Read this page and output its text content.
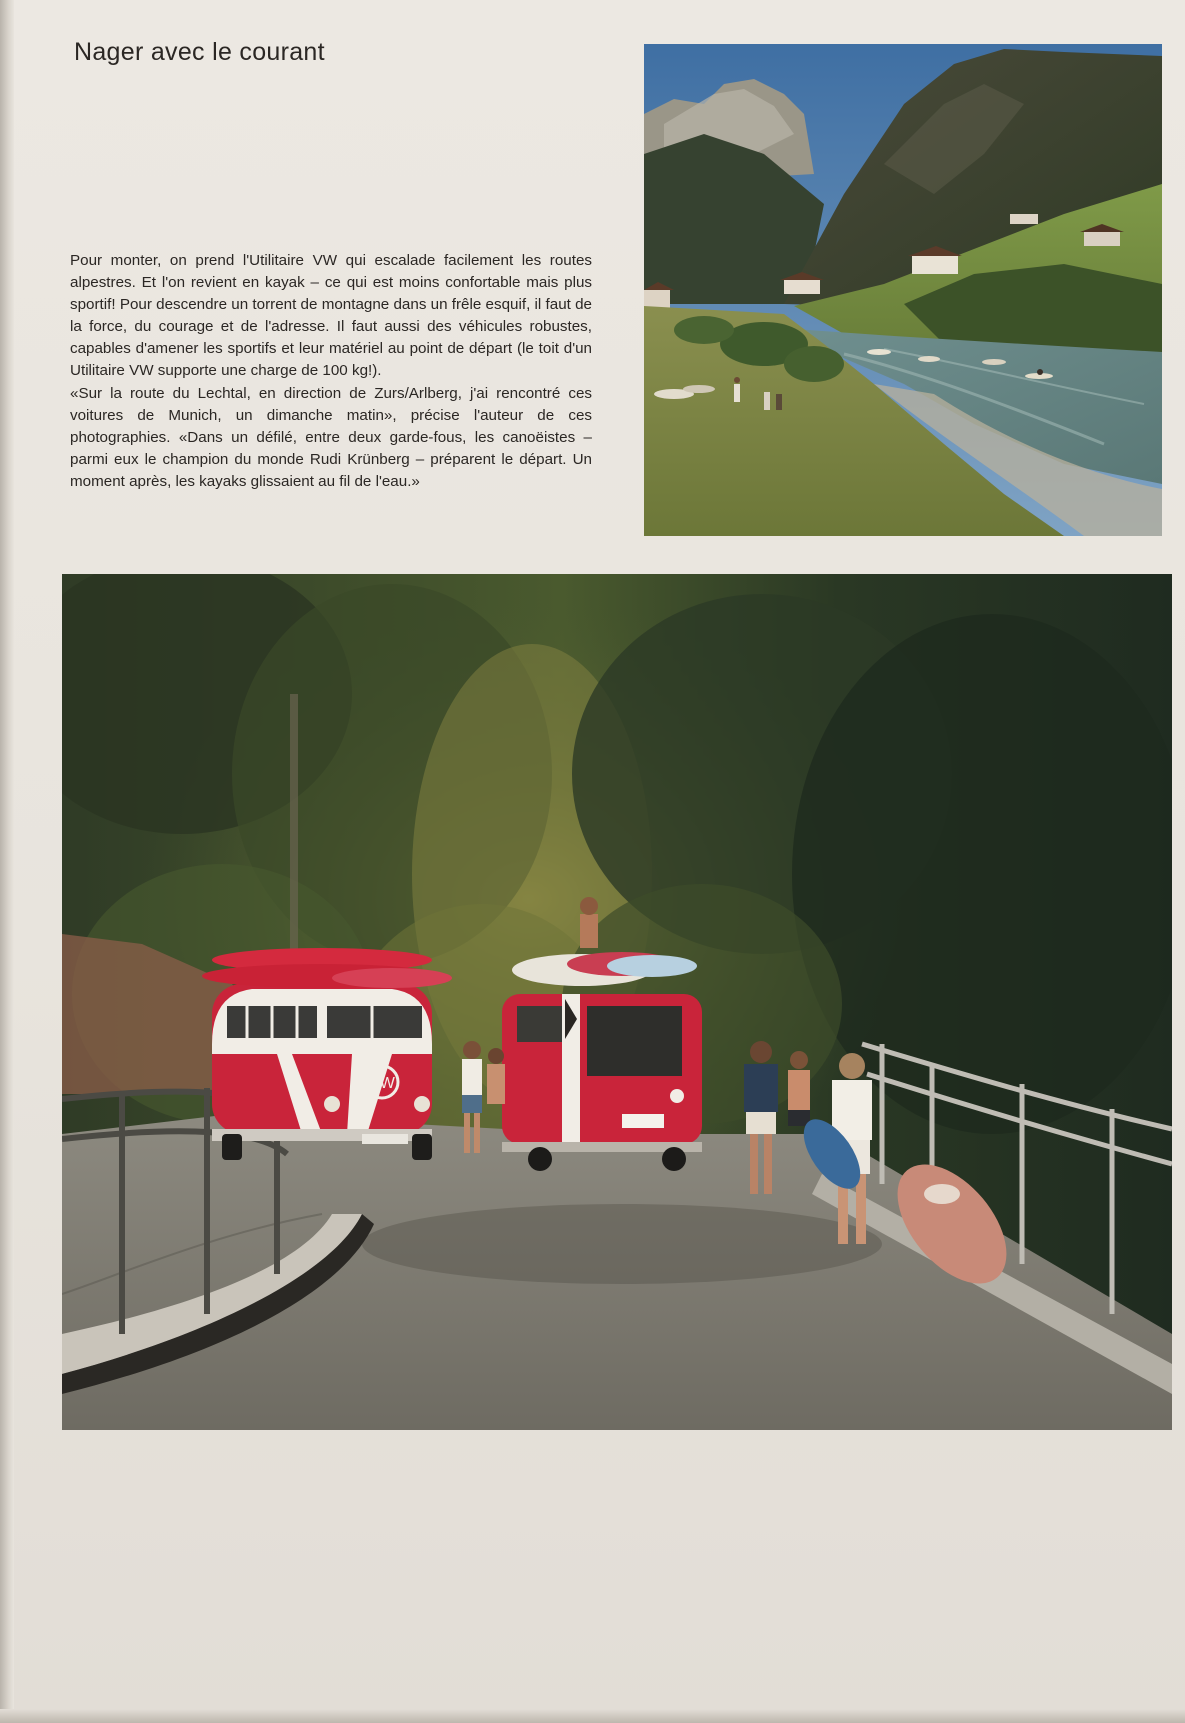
Nager avec le courant

Pour monter, on prend l'Utilitaire VW qui escalade facilement les routes alpestres. Et l'on revient en kayak – ce qui est moins confortable mais plus sportif! Pour descendre un torrent de montagne dans un frêle esquif, il faut de la force, du courage et de l'adresse. Il faut aussi des véhicules robustes, capables d'amener les sportifs et leur matériel au point de départ (le toit d'un Utilitaire VW supporte une charge de 100 kg!).

«Sur la route du Lechtal, en direction de Zurs/Arlberg, j'ai rencontré ces voitures de Munich, un dimanche matin», précise l'auteur de ces photographies. «Dans un défilé, entre deux garde-fous, les canoëistes – parmi eux le champion du monde Rudi Krünberg – préparent le départ. Un moment après, les kayaks glissaient au fil de l'eau.»

VW
